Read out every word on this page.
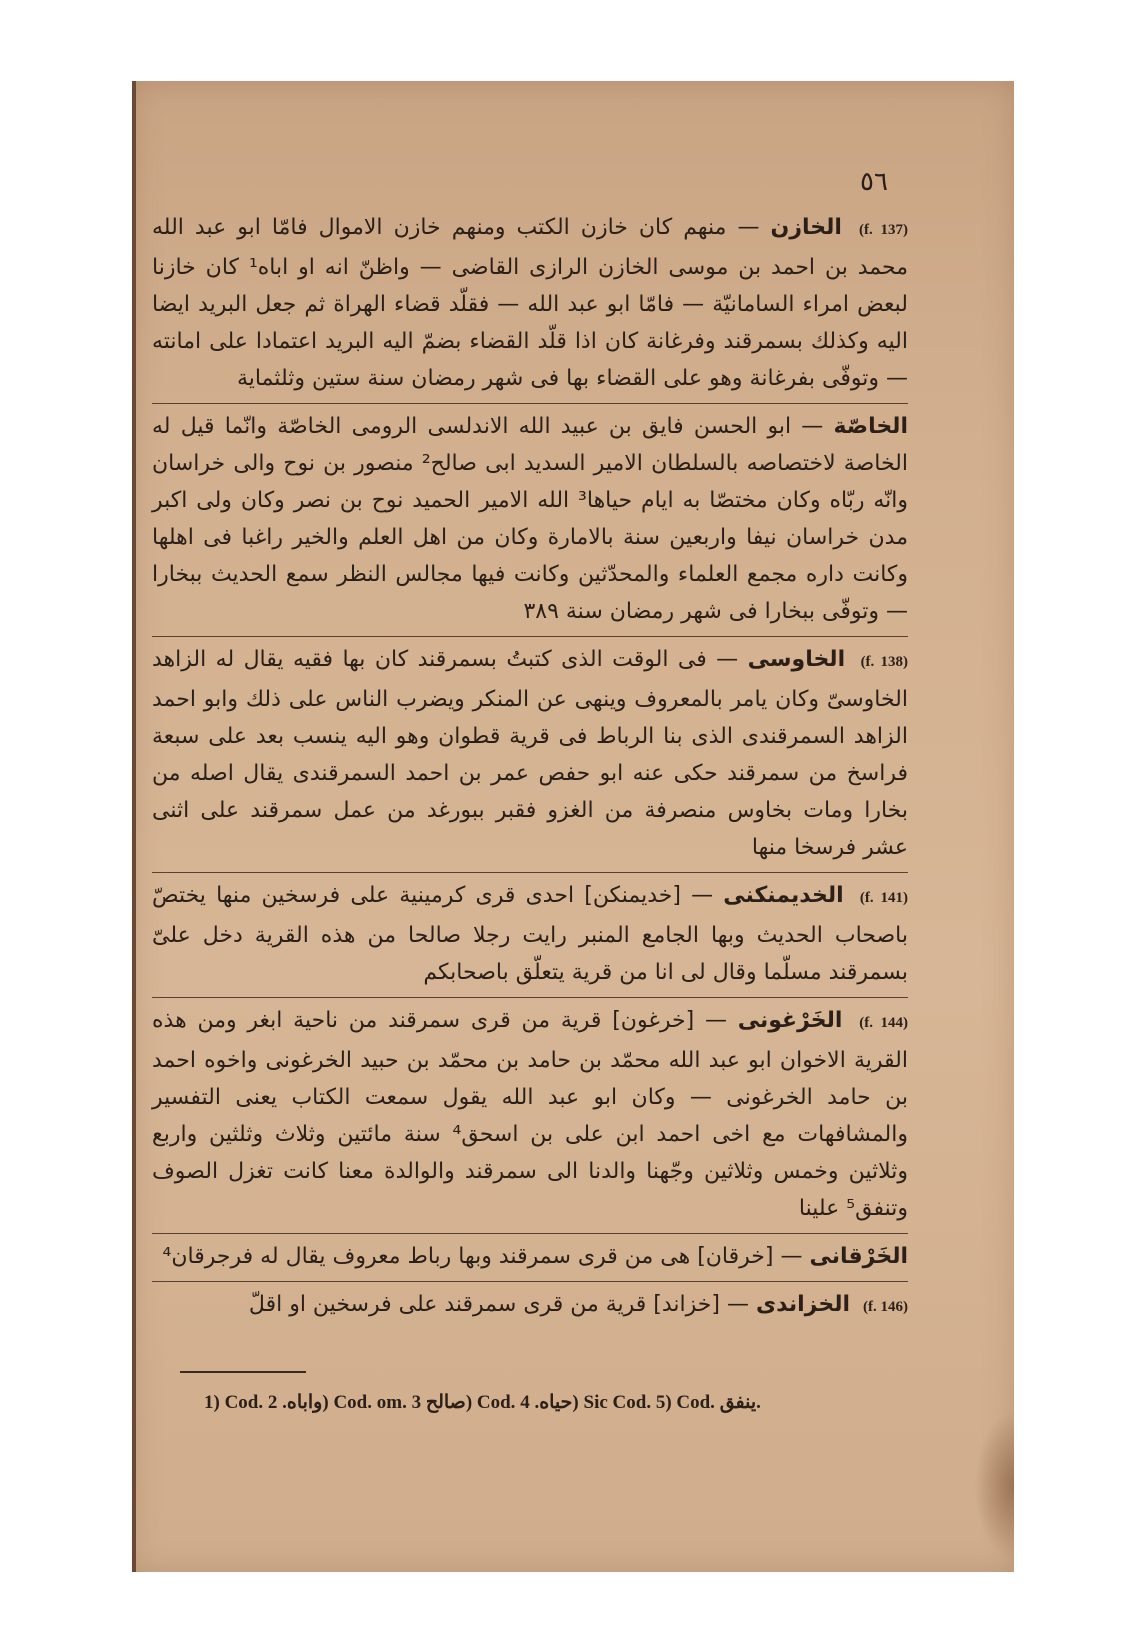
٥٦

(f. 137) الخازن — منهم كان خازن الكتب ومنهم خازن الاموال فامّا ابو عبد الله محمد بن احمد بن موسى الخازن الرازى القاضى — واظنّ انه او اباه¹ كان خازنا لبعض امراء السامانيّة — فامّا ابو عبد الله — فقلّد قضاء الهراة ثم جعل البريد ايضا اليه وكذلك بسمرقند وفرغانة كان اذا قلّد القضاء بضمّ اليه البريد اعتمادا على امانته — وتوفّى بفرغانة وهو على القضاء بها فى شهر رمضان سنة ستين وثلثماية

الخاصّة — ابو الحسن فايق بن عبيد الله الاندلسى الرومى الخاصّة وانّما قيل له الخاصة لاختصاصه بالسلطان الامير السديد ابى صالح² منصور بن نوح والى خراسان وانّه ربّاه وكان مختصّا به ايام حياها³ الله الامير الحميد نوح بن نصر وكان ولى اكبر مدن خراسان نيفا واربعين سنة بالامارة وكان من اهل العلم والخير راغبا فى اهلها وكانت داره مجمع العلماء والمحدّثين وكانت فيها مجالس النظر سمع الحديث ببخارا — وتوفّى ببخارا فى شهر رمضان سنة ٣٨٩

(f. 138) الخاوسى — فى الوقت الذى كتبتُ بسمرقند كان بها فقيه يقال له الزاهد الخاوسىّ وكان يامر بالمعروف وينهى عن المنكر ويضرب الناس على ذلك وابو احمد الزاهد السمرقندى الذى بنا الرباط فى قرية قطوان وهو اليه ينسب بعد على سبعة فراسخ من سمرقند حكى عنه ابو حفص عمر بن احمد السمرقندى يقال اصله من بخارا ومات بخاوس منصرفة من الغزو فقبر ببورغد من عمل سمرقند على اثنى عشر فرسخا منها

(f. 141) الخديمنكنى — [خديمنكن] احدى قرى كرمينية على فرسخين منها يختصّ باصحاب الحديث وبها الجامع المنبر رايت رجلا صالحا من هذه القرية دخل علىّ بسمرقند مسلّما وقال لى انا من قرية يتعلّق باصحابكم

(f. 144) الخَرْغونى — [خرغون] قرية من قرى سمرقند من ناحية ابغر ومن هذه القرية الاخوان ابو عبد الله محمّد بن حامد بن محمّد بن حبيد الخرغونى واخوه احمد بن حامد الخرغونى — وكان ابو عبد الله يقول سمعت الكتاب يعنى التفسير والمشافهات مع اخى احمد ابن على بن اسحق⁴ سنة مائتين وثلاث وثلثين واربع وثلاثين وخمس وثلاثين وجّهنا والدنا الى سمرقند والوالدة معنا كانت تغزل الصوف وتنفق⁵ علينا

الخَرْقانى — [خرقان] هى من قرى سمرقند وبها رباط معروف يقال له فرجرقان⁴

(f. 146) الخزاندى — [خزاند] قرية من قرى سمرقند على فرسخين او اقلّ

1) Cod. واباه. 2) Cod. om. صالح 3) Cod. حياه. 4) Sic Cod. 5) Cod. ينفق.
